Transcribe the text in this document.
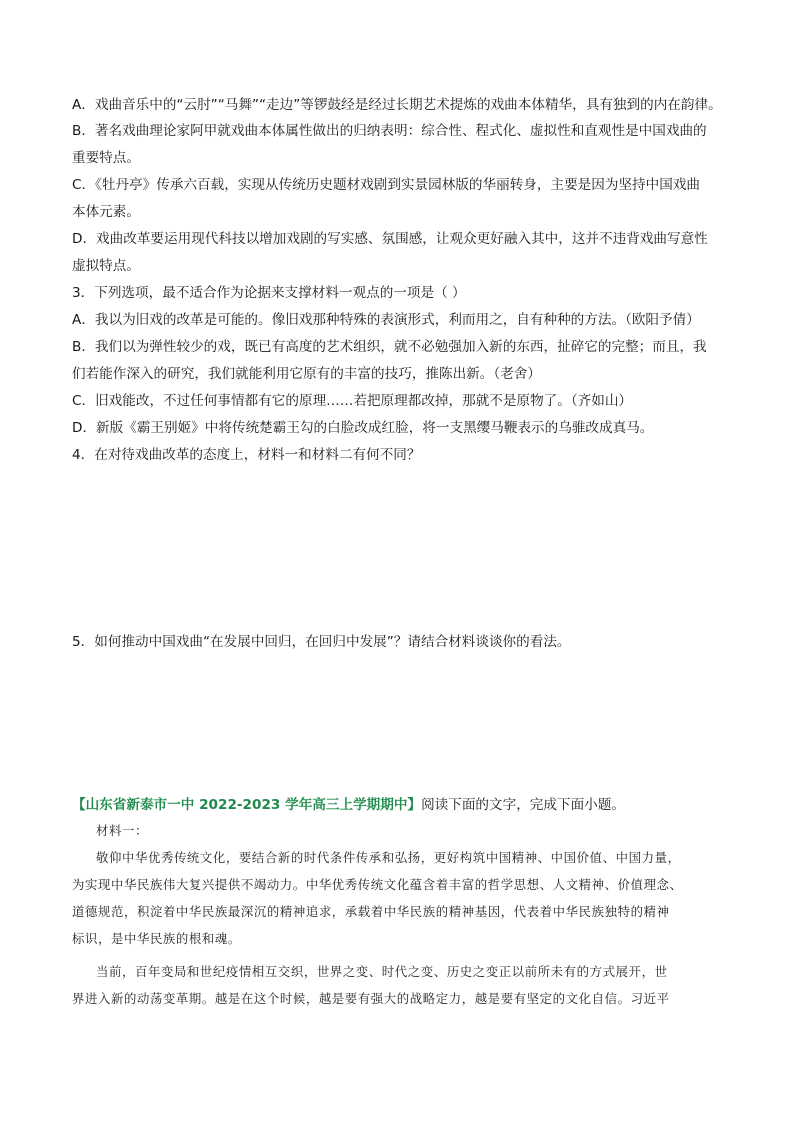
A．戏曲音乐中的“云肘”“马舞”“走边”等锣鼓经是经过长期艺术提炼的戏曲本体精华，具有独到的内在韵律。
B．著名戏曲理论家阿甲就戏曲本体属性做出的归纳表明：综合性、程式化、虚拟性和直观性是中国戏曲的
重要特点。
C．《牡丹亭》传承六百载，实现从传统历史题材戏剧到实景园林版的华丽转身，主要是因为坚持中国戏曲
本体元素。
D．戏曲改革要运用现代科技以增加戏剧的写实感、氛围感，让观众更好融入其中，这并不违背戏曲写意性
虚拟特点。
3．下列选项，最不适合作为论据来支撑材料一观点的一项是（ ）
A．我以为旧戏的改革是可能的。像旧戏那种特殊的表演形式，利而用之，自有种种的方法。（欧阳予倩）
B．我们以为弹性较少的戏，既已有高度的艺术组织，就不必勉强加入新的东西，扯碎它的完整；而且，我
们若能作深入的研究，我们就能利用它原有的丰富的技巧，推陈出新。（老舍）
C．旧戏能改，不过任何事情都有它的原理……若把原理都改掉，那就不是原物了。（齐如山）
D．新版《霸王别姬》中将传统楚霸王勾的白脸改成红脸，将一支黑缨马鞭表示的乌骓改成真马。
4．在对待戏曲改革的态度上，材料一和材料二有何不同？
5．如何推动中国戏曲“在发展中回归，在回归中发展”？请结合材料谈谈你的看法。
【山东省新泰市一中 2022-2023 学年高三上学期期中】阅读下面的文字，完成下面小题。
材料一：
敬仰中华优秀传统文化，要结合新的时代条件传承和弘扬，更好构筑中国精神、中国价值、中国力量，
为实现中华民族伟大复兴提供不竭动力。中华优秀传统文化蕴含着丰富的哲学思想、人文精神、价值理念、
道德规范，积淀着中华民族最深沉的精神追求，承载着中华民族的精神基因，代表着中华民族独特的精神
标识，是中华民族的根和魂。
当前，百年变局和世纪疫情相互交织，世界之变、时代之变、历史之变正以前所未有的方式展开，世
界进入新的动荡变革期。越是在这个时候，越是要有强大的战略定力，越是要有坚定的文化自信。习近平
